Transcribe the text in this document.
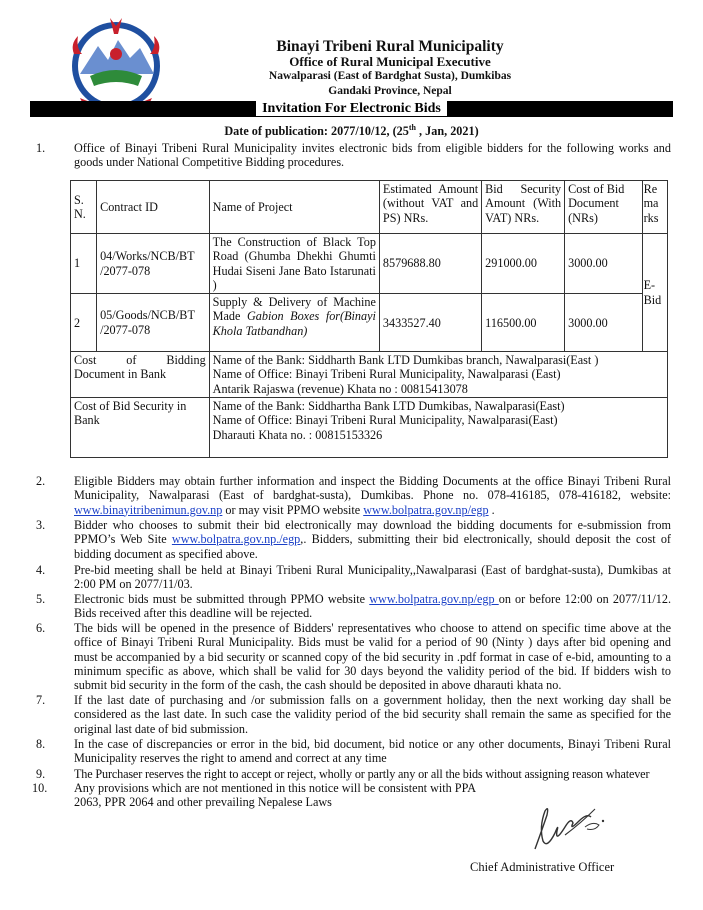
Binayi Tribeni Rural Municipality
Office of Rural Municipal Executive
Nawalparasi (East of Bardghat Susta), Dumkibas
Gandaki Province, Nepal
Invitation For Electronic Bids
Date of publication: 2077/10/12, (25th , Jan, 2021)
1.	Office of Binayi Tribeni Rural Municipality invites electronic bids from eligible bidders for the following works and goods under National Competitive Bidding procedures.
S. N.	Contract ID	Name of Project	Estimated Amount (without VAT and PS) NRs.	Bid Security Amount (With VAT) NRs.	Cost of Bid Document (NRs)	Re ma rks
1	04/Works/NCB/BT /2077-078	The Construction of Black Top Road (Ghumba Dhekhi Ghumti Hudai Siseni Jane Bato Istarunati )	8579688.80	291000.00	3000.00	E- Bid
2	05/Goods/NCB/BT /2077-078	Supply & Delivery of Machine Made Gabion Boxes for(Binayi Khola Tatbandhan)	3433527.40	116500.00	3000.00	
Cost of Bidding Document in Bank		Name of the Bank: Siddharth Bank LTD Dumkibas branch, Nawalparasi(East )
Name of Office: Binayi Tribeni Rural Municipality, Nawalparasi (East)
Antarik Rajaswa (revenue) Khata no : 00815413078				

Cost of Bid Security in Bank		Name of the Bank: Siddhartha Bank LTD Dumkibas, Nawalparasi(East)
Name of Office: Binayi Tribeni Rural Municipality, Nawalparasi(East)
Dharauti Khata no. : 00815153326				
2.	Eligible Bidders may obtain further information and inspect the Bidding Documents at the office Binayi Tribeni Rural Municipality, Nawalparasi (East of bardghat-susta), Dumkibas. Phone no. 078-416185, 078-416182, website: www.binayitribenimun.gov.np or may visit PPMO website www.bolpatra.gov.np/egp .
3.	Bidder who chooses to submit their bid electronically may download the bidding documents for e-submission from PPMO’s Web Site www.bolpatra.gov.np./egp,. Bidders, submitting their bid electronically, should deposit the cost of bidding document as specified above.
4.	Pre-bid meeting shall be held at Binayi Tribeni Rural Municipality,,Nawalparasi (East of bardghat-susta), Dumkibas at 2:00 PM on 2077/11/03.
5.	Electronic bids must be submitted through PPMO website www.bolpatra.gov.np/egp on or before 12:00 on 2077/11/12. Bids received after this deadline will be rejected.
6.	The bids will be opened in the presence of Bidders' representatives who choose to attend on specific time above at the office of Binayi Tribeni Rural Municipality. Bids must be valid for a period of 90 (Ninty ) days after bid opening and must be accompanied by a bid security or scanned copy of the bid security in .pdf format in case of e-bid, amounting to a minimum specific as above, which shall be valid for 30 days beyond the validity period of the bid. If bidders wish to submit bid security in the form of the cash, the cash should be deposited in above dharauti khata no.
7.	If the last date of purchasing and /or submission falls on a government holiday, then the next working day shall be considered as the last date. In such case the validity period of the bid security shall remain the same as specified for the original last date of bid submission.
8.	In the case of discrepancies or error in the bid, bid document, bid notice or any other documents, Binayi Tribeni Rural Municipality reserves the right to amend and correct at any time
9.	The Purchaser reserves the right to accept or reject, wholly or partly any or all the bids without assigning reason whatever
10.	Any provisions which are not mentioned in this notice will be consistent with PPA
2063, PPR 2064 and other prevailing Nepalese Laws
Chief Administrative Officer
